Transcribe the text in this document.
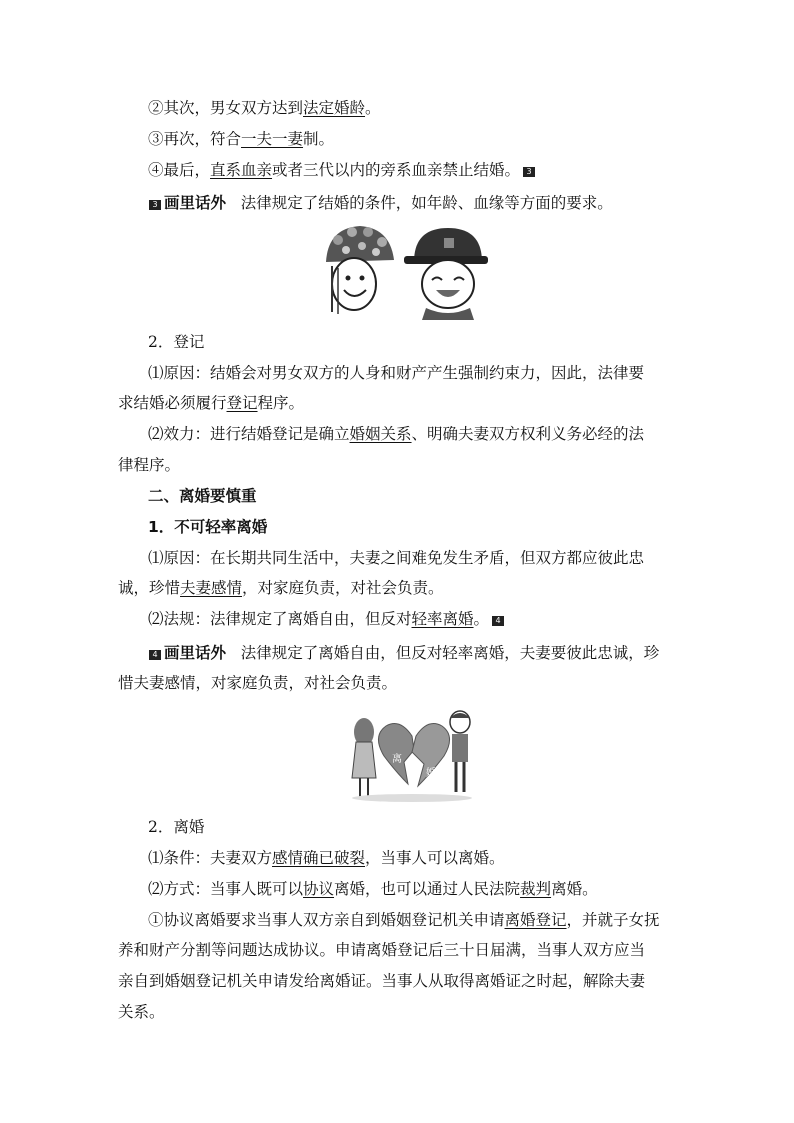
②其次，男女双方达到法定婚龄。
③再次，符合一夫一妻制。
④最后，直系血亲或者三代以内的旁系血亲禁止结婚。 3
3 画里话外 法律规定了结婚的条件，如年龄、血缘等方面的要求。
2．登记
⑴原因：结婚会对男女双方的人身和财产产生强制约束力，因此，法律要
求结婚必须履行登记程序。
⑵效力：进行结婚登记是确立婚姻关系、明确夫妻双方权利义务必经的法
律程序。
二、离婚要慎重
1．不可轻率离婚
⑴原因：在长期共同生活中，夫妻之间难免发生矛盾，但双方都应彼此忠
诚，珍惜夫妻感情，对家庭负责，对社会负责。
⑵法规：法律规定了离婚自由，但反对轻率离婚。 4
4 画里话外 法律规定了离婚自由，但反对轻率离婚，夫妻要彼此忠诚，珍
惜夫妻感情，对家庭负责，对社会负责。
离
婚
2．离婚
⑴条件：夫妻双方感情确已破裂，当事人可以离婚。
⑵方式：当事人既可以协议离婚，也可以通过人民法院裁判离婚。
①协议离婚要求当事人双方亲自到婚姻登记机关申请离婚登记，并就子女抚
养和财产分割等问题达成协议。申请离婚登记后三十日届满，当事人双方应当
亲自到婚姻登记机关申请发给离婚证。当事人从取得离婚证之时起，解除夫妻
关系。
